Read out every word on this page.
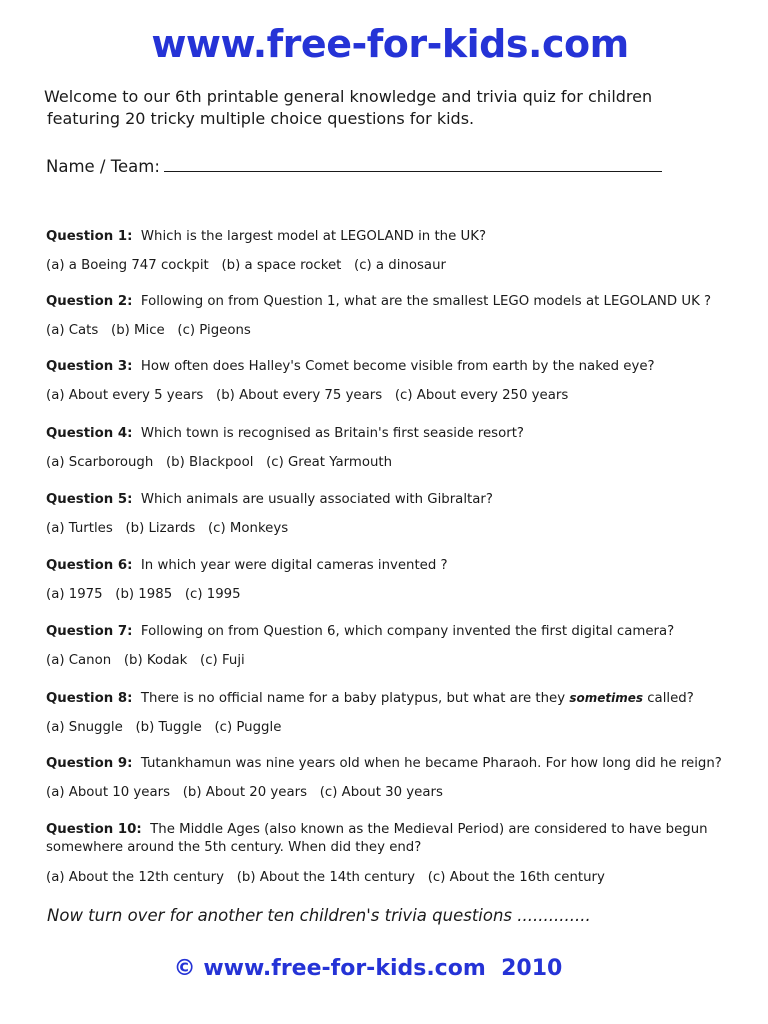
www.free-for-kids.com
Welcome to our 6th printable general knowledge and trivia quiz for children
featuring 20 tricky multiple choice questions for kids.
Name / Team:
Question 1: Which is the largest model at LEGOLAND in the UK?
(a) a Boeing 747 cockpit   (b) a space rocket   (c) a dinosaur
Question 2: Following on from Question 1, what are the smallest LEGO models at LEGOLAND UK ?
(a) Cats   (b) Mice   (c) Pigeons
Question 3: How often does Halley's Comet become visible from earth by the naked eye?
(a) About every 5 years   (b) About every 75 years   (c) About every 250 years
Question 4: Which town is recognised as Britain's first seaside resort?
(a) Scarborough   (b) Blackpool   (c) Great Yarmouth
Question 5: Which animals are usually associated with Gibraltar?
(a) Turtles   (b) Lizards   (c) Monkeys
Question 6: In which year were digital cameras invented ?
(a) 1975   (b) 1985   (c) 1995
Question 7: Following on from Question 6, which company invented the first digital camera?
(a) Canon   (b) Kodak   (c) Fuji
Question 8: There is no official name for a baby platypus, but what are they sometimes called?
(a) Snuggle   (b) Tuggle   (c) Puggle
Question 9: Tutankhamun was nine years old when he became Pharaoh. For how long did he reign?
(a) About 10 years   (b) About 20 years   (c) About 30 years
Question 10: The Middle Ages (also known as the Medieval Period) are considered to have begun somewhere around the 5th century. When did they end?
(a) About the 12th century   (b) About the 14th century   (c) About the 16th century
Now turn over for another ten children's trivia questions ..............
© www.free-for-kids.com  2010
